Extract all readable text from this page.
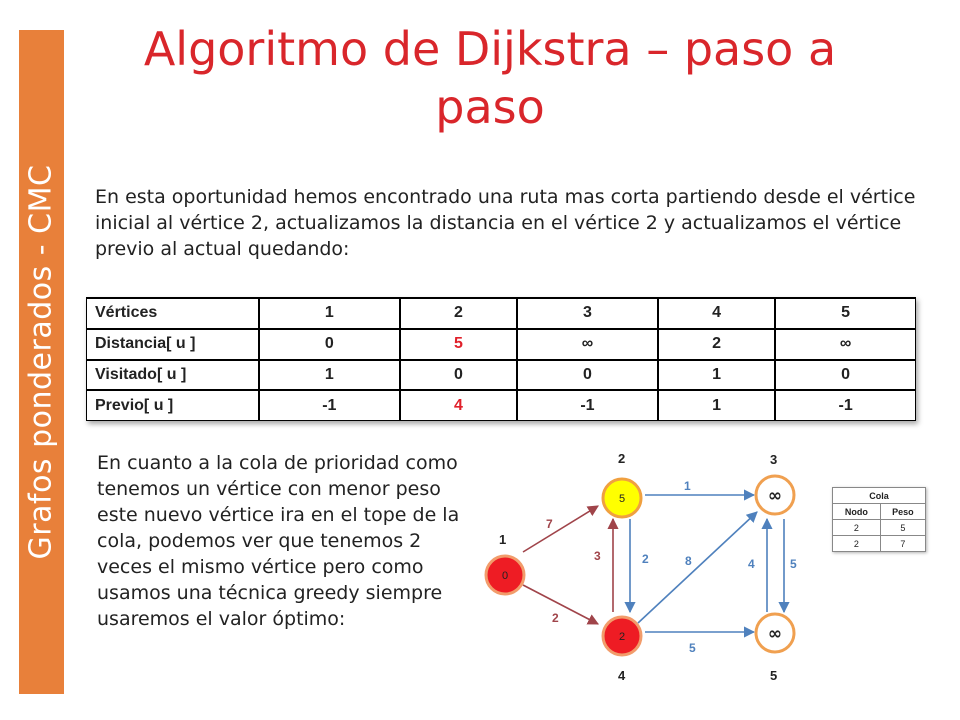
Grafos ponderados - CMC
Algoritmo de Dijkstra – paso a paso
En esta oportunidad hemos encontrado una ruta mas corta partiendo desde el vértice inicial al vértice 2, actualizamos la distancia en el vértice 2 y actualizamos el vértice previo al actual quedando:
Vértices	1	2	3	4	5
Distancia[ u ]	0	5	∞	2	∞
Visitado[ u ]	1	0	0	1	0
Previo[ u ]	-1	4	-1	1	-1
En cuanto a la cola de prioridad como tenemos un vértice con menor peso este nuevo vértice ira en el tope de la cola, podemos ver que tenemos 2 veces el mismo vértice pero como usamos una técnica greedy siempre usaremos el valor óptimo:
7
2
3	2
1
8
5
4	5
0
1
5
2
∞
3
2
4
∞
5
Cola	
Nodo	Peso
2	5
2	7
